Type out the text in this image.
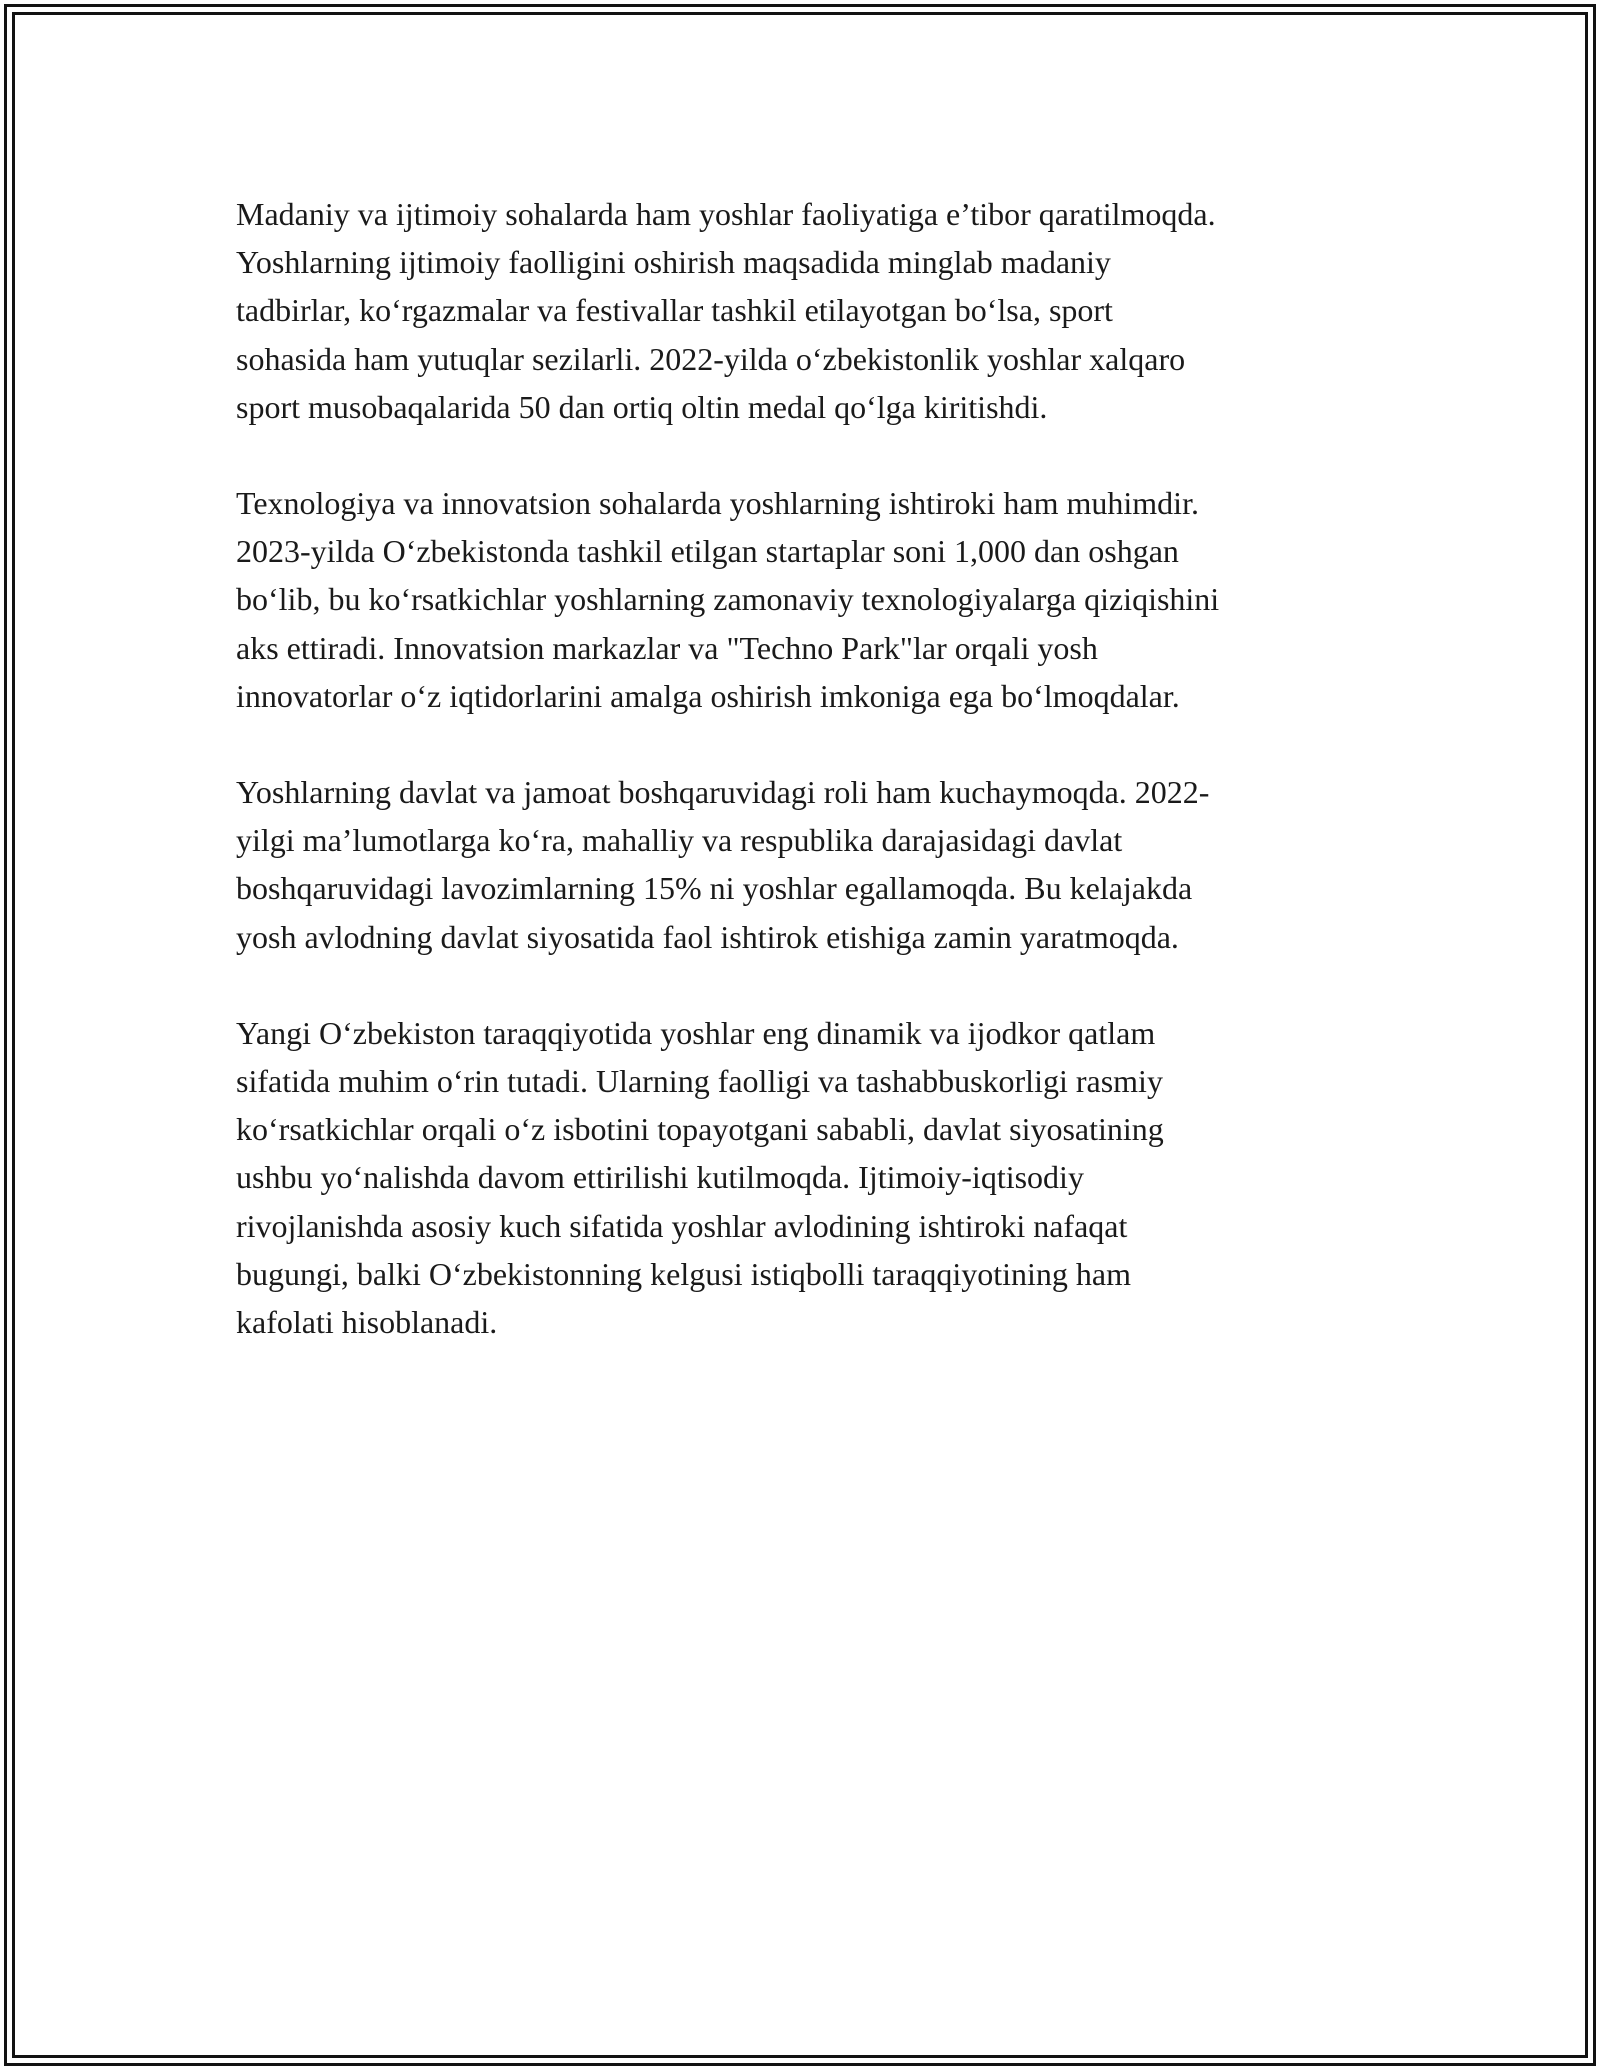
Madaniy va ijtimoiy sohalarda ham yoshlar faoliyatiga e’tibor qaratilmoqda.
Yoshlarning ijtimoiy faolligini oshirish maqsadida minglab madaniy
tadbirlar, ko‘rgazmalar va festivallar tashkil etilayotgan bo‘lsa, sport
sohasida ham yutuqlar sezilarli. 2022-yilda o‘zbekistonlik yoshlar xalqaro
sport musobaqalarida 50 dan ortiq oltin medal qo‘lga kiritishdi.

Texnologiya va innovatsion sohalarda yoshlarning ishtiroki ham muhimdir.
2023-yilda O‘zbekistonda tashkil etilgan startaplar soni 1,000 dan oshgan
bo‘lib, bu ko‘rsatkichlar yoshlarning zamonaviy texnologiyalarga qiziqishini
aks ettiradi. Innovatsion markazlar va "Techno Park"lar orqali yosh
innovatorlar o‘z iqtidorlarini amalga oshirish imkoniga ega bo‘lmoqdalar.

Yoshlarning davlat va jamoat boshqaruvidagi roli ham kuchaymoqda. 2022-
yilgi ma’lumotlarga ko‘ra, mahalliy va respublika darajasidagi davlat
boshqaruvidagi lavozimlarning 15% ni yoshlar egallamoqda. Bu kelajakda
yosh avlodning davlat siyosatida faol ishtirok etishiga zamin yaratmoqda.

Yangi O‘zbekiston taraqqiyotida yoshlar eng dinamik va ijodkor qatlam
sifatida muhim o‘rin tutadi. Ularning faolligi va tashabbuskorligi rasmiy
ko‘rsatkichlar orqali o‘z isbotini topayotgani sababli, davlat siyosatining
ushbu yo‘nalishda davom ettirilishi kutilmoqda. Ijtimoiy-iqtisodiy
rivojlanishda asosiy kuch sifatida yoshlar avlodining ishtiroki nafaqat
bugungi, balki O‘zbekistonning kelgusi istiqbolli taraqqiyotining ham
kafolati hisoblanadi.
